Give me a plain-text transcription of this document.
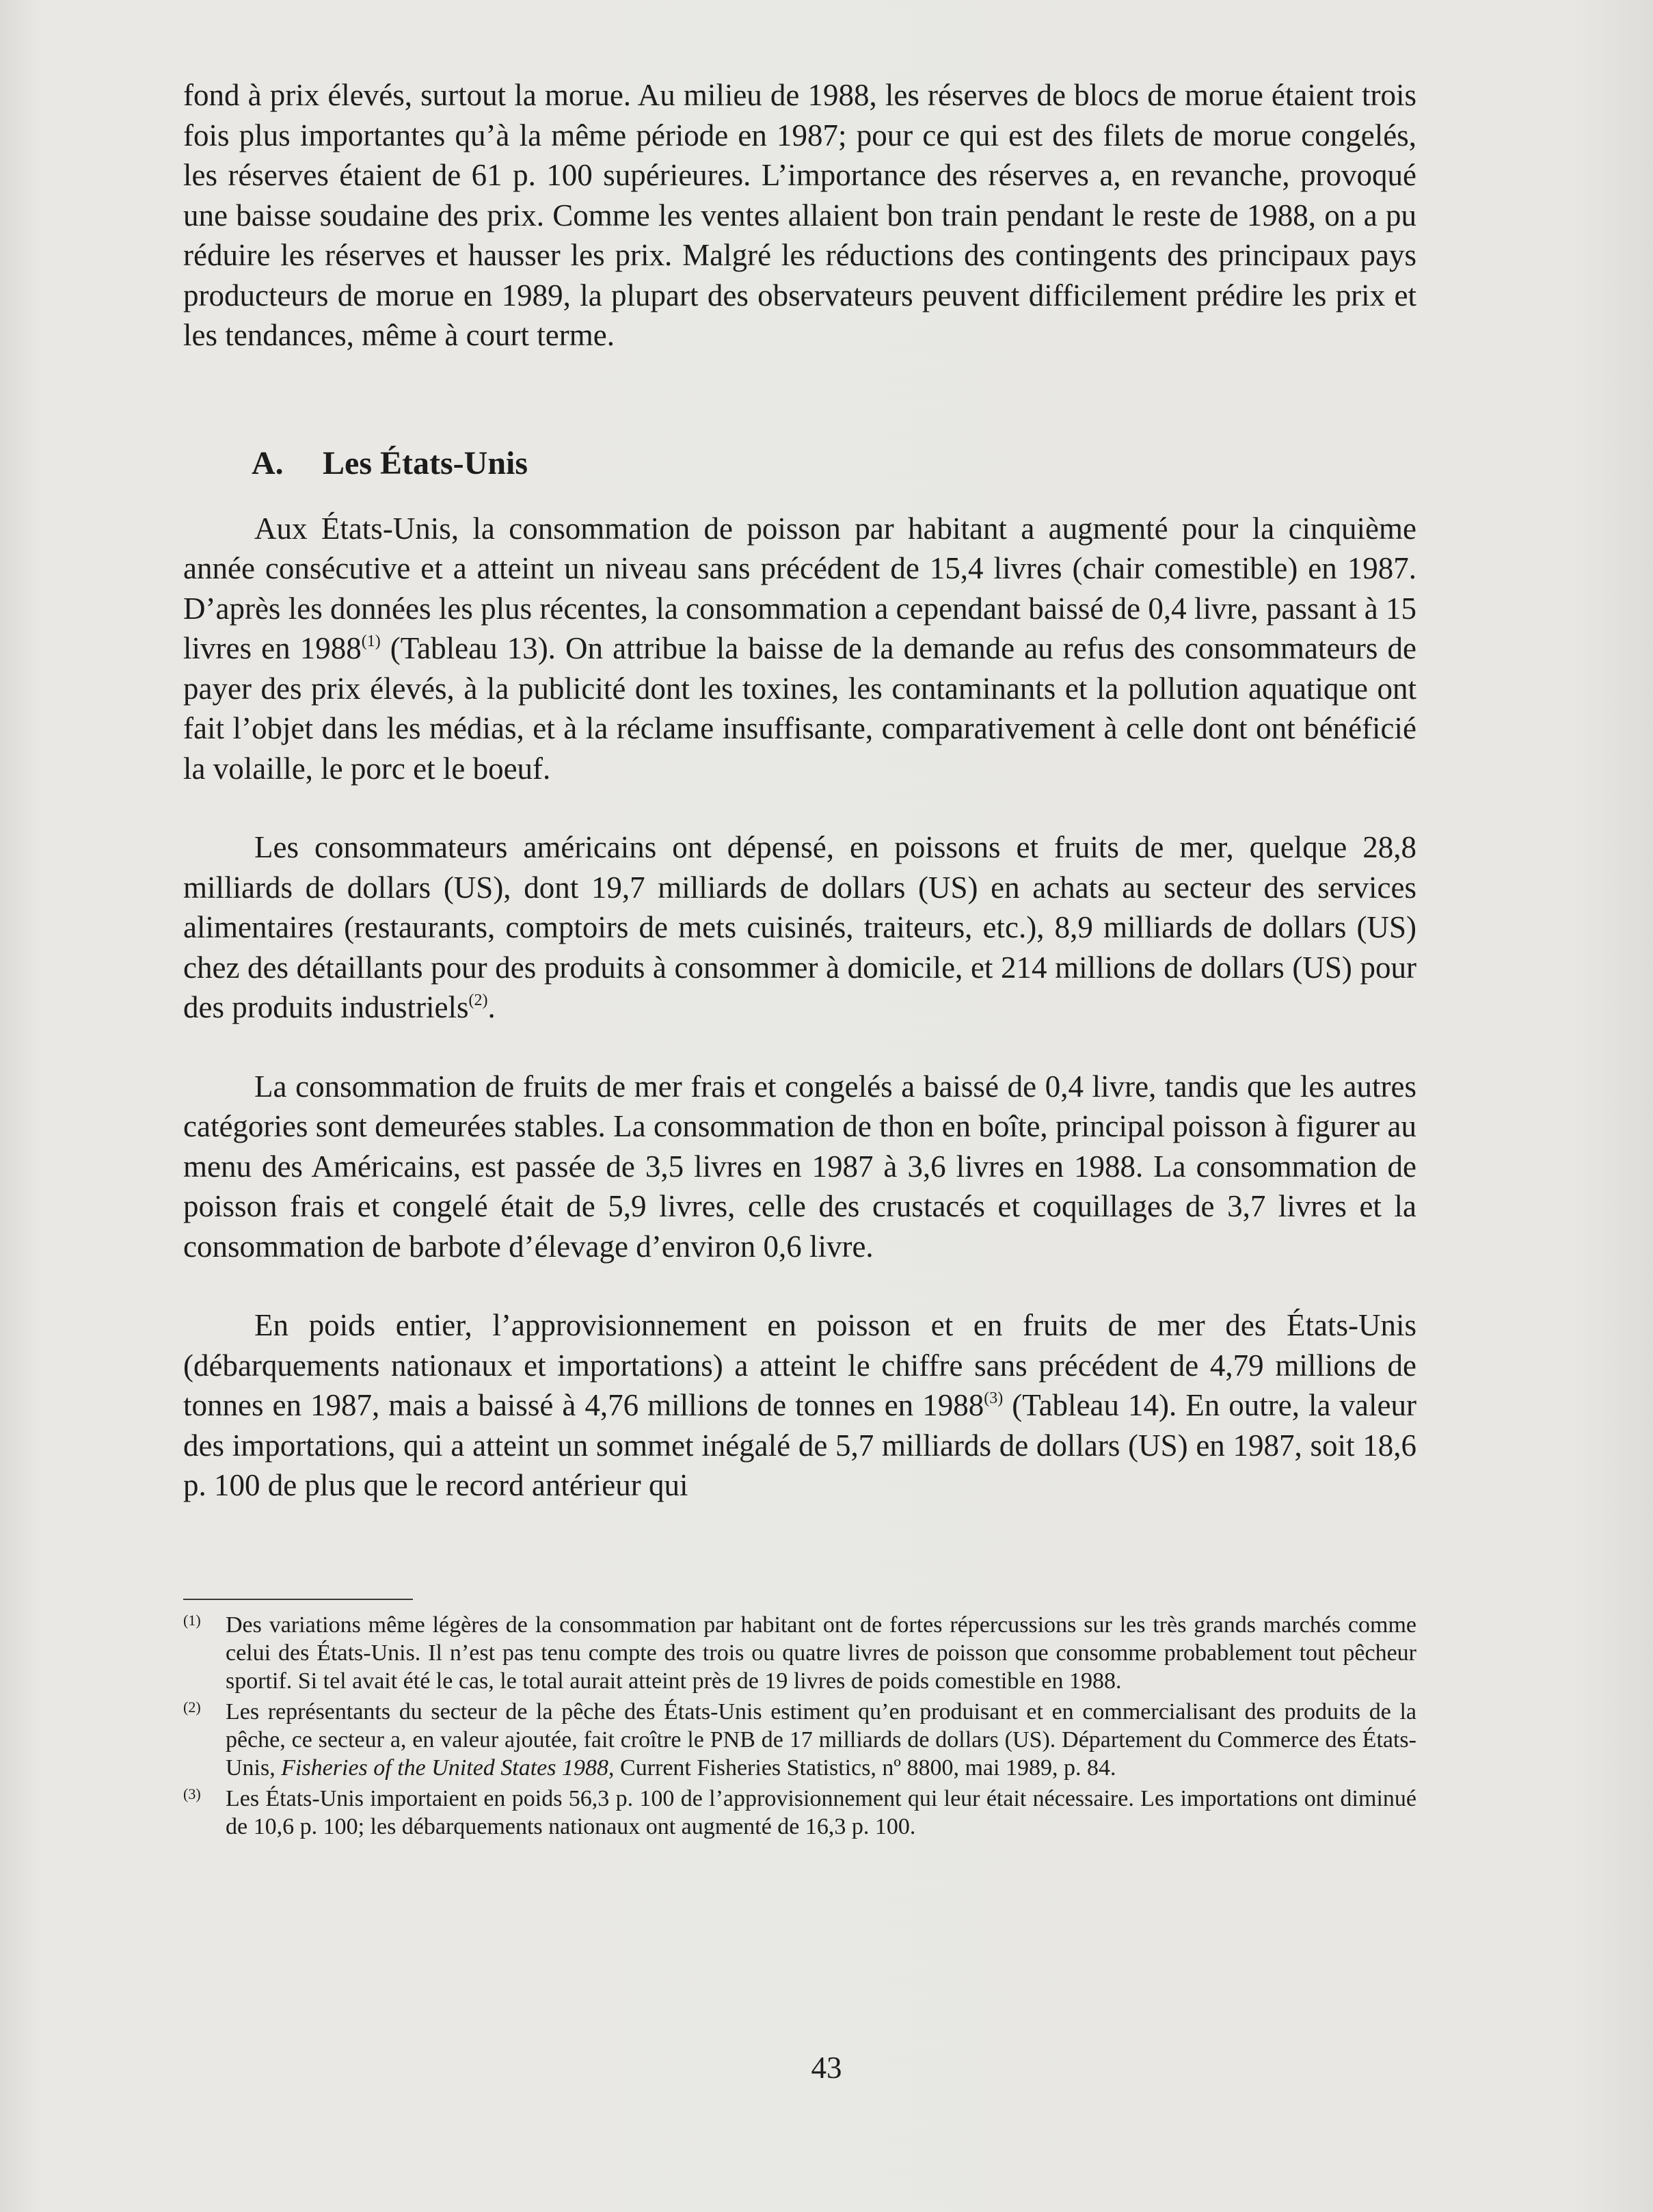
fond à prix élevés, surtout la morue. Au milieu de 1988, les réserves de blocs de morue étaient trois fois plus importantes qu’à la même période en 1987; pour ce qui est des filets de morue congelés, les réserves étaient de 61 p. 100 supérieures. L’importance des réserves a, en revanche, provoqué une baisse soudaine des prix. Comme les ventes allaient bon train pendant le reste de 1988, on a pu réduire les réserves et hausser les prix. Malgré les réductions des contingents des principaux pays producteurs de morue en 1989, la plupart des observateurs peuvent difficilement prédire les prix et les tendances, même à court terme.

A. Les États-Unis

Aux États-Unis, la consommation de poisson par habitant a augmenté pour la cinquième année consécutive et a atteint un niveau sans précédent de 15,4 livres (chair comestible) en 1987. D’après les données les plus récentes, la consommation a cependant baissé de 0,4 livre, passant à 15 livres en 1988$^{(1)}$ (Tableau 13). On attribue la baisse de la demande au refus des consommateurs de payer des prix élevés, à la publicité dont les toxines, les contaminants et la pollution aquatique ont fait l’objet dans les médias, et à la réclame insuffisante, comparativement à celle dont ont bénéficié la volaille, le porc et le boeuf.

Les consommateurs américains ont dépensé, en poissons et fruits de mer, quelque 28,8 milliards de dollars (US), dont 19,7 milliards de dollars (US) en achats au secteur des services alimentaires (restaurants, comptoirs de mets cuisinés, traiteurs, etc.), 8,9 milliards de dollars (US) chez des détaillants pour des produits à consommer à domicile, et 214 millions de dollars (US) pour des produits industriels$^{(2)}$.

La consommation de fruits de mer frais et congelés a baissé de 0,4 livre, tandis que les autres catégories sont demeurées stables. La consommation de thon en boîte, principal poisson à figurer au menu des Américains, est passée de 3,5 livres en 1987 à 3,6 livres en 1988. La consommation de poisson frais et congelé était de 5,9 livres, celle des crustacés et coquillages de 3,7 livres et la consommation de barbote d’élevage d’environ 0,6 livre.

En poids entier, l’approvisionnement en poisson et en fruits de mer des États-Unis (débarquements nationaux et importations) a atteint le chiffre sans précédent de 4,79 millions de tonnes en 1987, mais a baissé à 4,76 millions de tonnes en 1988$^{(3)}$ (Tableau 14). En outre, la valeur des importations, qui a atteint un sommet inégalé de 5,7 milliards de dollars (US) en 1987, soit 18,6 p. 100 de plus que le record antérieur qui

(1) Des variations même légères de la consommation par habitant ont de fortes répercussions sur les très grands marchés comme celui des États-Unis. Il n’est pas tenu compte des trois ou quatre livres de poisson que consomme probablement tout pêcheur sportif. Si tel avait été le cas, le total aurait atteint près de 19 livres de poids comestible en 1988.

(2) Les représentants du secteur de la pêche des États-Unis estiment qu’en produisant et en commercialisant des produits de la pêche, ce secteur a, en valeur ajoutée, fait croître le PNB de 17 milliards de dollars (US). Département du Commerce des États-Unis, Fisheries of the United States 1988, Current Fisheries Statistics, nº 8800, mai 1989, p. 84.

(3) Les États-Unis importaient en poids 56,3 p. 100 de l’approvisionnement qui leur était nécessaire. Les importations ont diminué de 10,6 p. 100; les débarquements nationaux ont augmenté de 16,3 p. 100.

43
